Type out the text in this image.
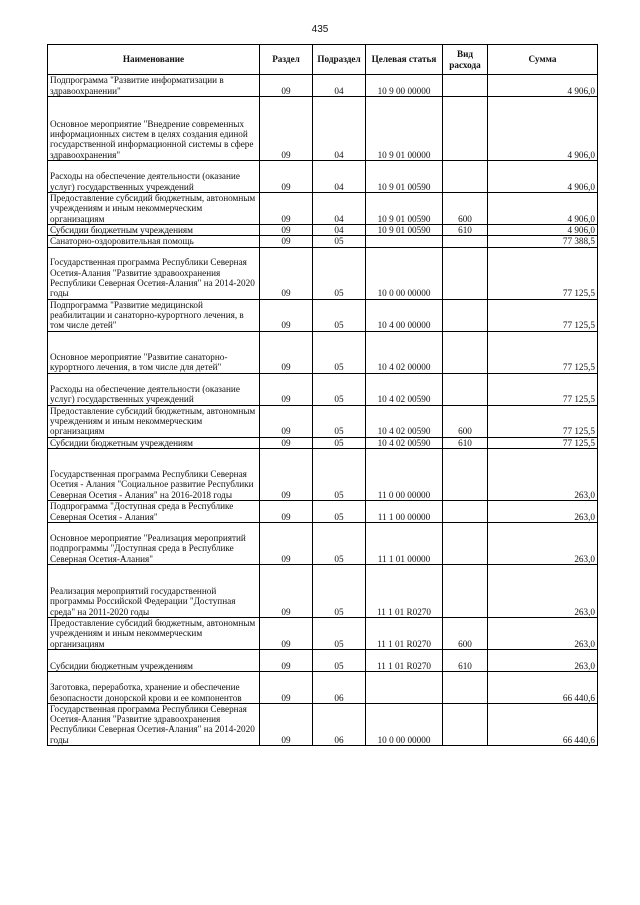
435
Наименование	Раздел	Подраздел	Целевая статья	Вид расхода	Сумма
Подпрограмма "Развитие информатизации в здравоохранении"	09	04	10 9 00 00000		4 906,0
Основное мероприятие "Внедрение современных информационных систем в целях создания единой государственной информационной системы в сфере здравоохранения"	09	04	10 9 01 00000		4 906,0
Расходы на обеспечение деятельности (оказание услуг) государственных учреждений	09	04	10 9 01 00590		4 906,0
Предоставление субсидий бюджетным, автономным учреждениям и иным некоммерческим организациям	09	04	10 9 01 00590	600	4 906,0
Субсидии бюджетным учреждениям	09	04	10 9 01 00590	610	4 906,0
Санаторно-оздоровительная помощь	09	05			77 388,5
Государственная программа Республики Северная Осетия-Алания "Развитие здравоохранения Республики Северная Осетия-Алания" на 2014-2020 годы	09	05	10 0 00 00000		77 125,5
Подпрограмма "Развитие медицинской реабилитации и санаторно-курортного лечения, в том числе детей"	09	05	10 4 00 00000		77 125,5
Основное мероприятие "Развитие санаторно-курортного лечения, в том числе для детей"	09	05	10 4 02 00000		77 125,5
Расходы на обеспечение деятельности (оказание услуг) государственных учреждений	09	05	10 4 02 00590		77 125,5
Предоставление субсидий бюджетным, автономным учреждениям и иным некоммерческим организациям	09	05	10 4 02 00590	600	77 125,5
Субсидии бюджетным учреждениям	09	05	10 4 02 00590	610	77 125,5
Государственная программа Республики Северная Осетия - Алания "Социальное развитие Республики Северная Осетия - Алания" на 2016-2018 годы	09	05	11 0 00 00000		263,0
Подпрограмма "Доступная среда в Республике Северная Осетия - Алания"	09	05	11 1 00 00000		263,0
Основное мероприятие "Реализация мероприятий подпрограммы "Доступная среда в Республике Северная Осетия-Алания"	09	05	11 1 01 00000		263,0
Реализация мероприятий государственной программы Российской Федерации "Доступная среда" на 2011-2020 годы	09	05	11 1 01 R0270		263,0
Предоставление субсидий бюджетным, автономным учреждениям и иным некоммерческим организациям	09	05	11 1 01 R0270	600	263,0
Субсидии бюджетным учреждениям	09	05	11 1 01 R0270	610	263,0
Заготовка, переработка, хранение и обеспечение безопасности донорской крови и ее компонентов	09	06			66 440,6
Государственная программа Республики Северная Осетия-Алания "Развитие здравоохранения Республики Северная Осетия-Алания" на 2014-2020 годы	09	06	10 0 00 00000		66 440,6
